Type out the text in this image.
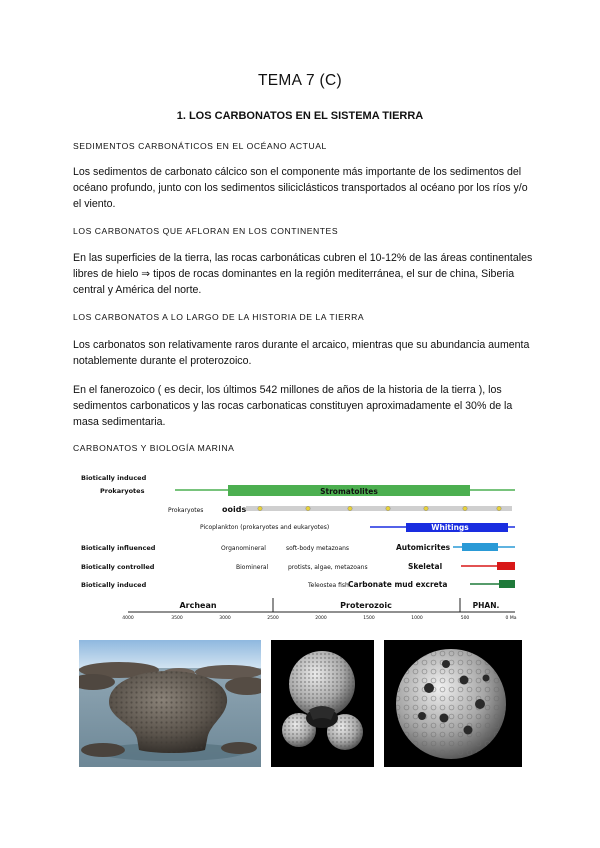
TEMA 7 (C)
1. LOS CARBONATOS EN EL SISTEMA TIERRA
SEDIMENTOS CARBONÁTICOS EN EL OCÉANO ACTUAL
Los sedimentos de carbonato cálcico son el componente más importante de los sedimentos del océano profundo, junto con los sedimentos siliciclásticos transportados al océano por los ríos y/o el viento.
LOS CARBONATOS QUE AFLORAN EN LOS CONTINENTES
En las superficies de la tierra, las rocas carbonáticas cubren el 10-12% de las áreas continentales libres de hielo ⇒ tipos de rocas dominantes en la región mediterránea, el sur de china, Siberia central y América del norte.
LOS CARBONATOS A LO LARGO DE LA HISTORIA DE LA TIERRA
Los carbonatos son relativamente raros durante el arcaico, mientras que su abundancia aumenta notablemente durante el proterozoico.
En el fanerozoico ( es decir, los últimos 542 millones de años de la historia de la tierra ), los sedimentos carbonaticos y las rocas carbonaticas constituyen aproximadamente el 30% de la masa sedimentaria.
CARBONATOS Y BIOLOGÍA MARINA
Biotically induced
Prokaryotes
Biotically influenced
Biotically controlled
Biotically induced
Stromatolites
Prokaryotes ooids
Picoplankton (prokaryotes and eukaryotes)	Whitings
Organomineral	soft-body metazoans	Automicrites
Biomineral	protists, algae, metazoans	Skeletal
Teleostea fish Carbonate mud excreta
Archean	Proterozoic	PHAN.
4000	3500	3000	2500	2000	1500	1000	500	0 Ma
